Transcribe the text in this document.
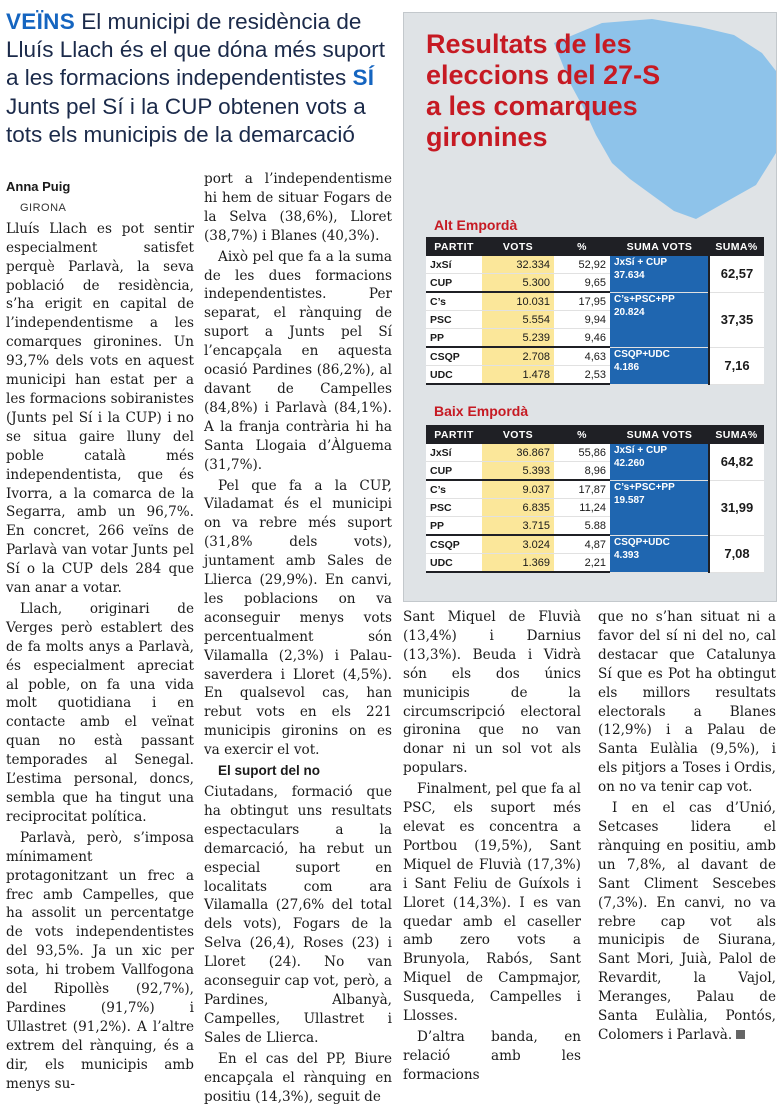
VEÏNS El municipi de residència de Lluís Llach és el que dóna més suport a les formacions independentistes SÍ Junts pel Sí i la CUP obtenen vots a tots els municipis de la demarcació

Anna Puig

GIRONA

Lluís Llach es pot sentir especialment satisfet perquè Parlavà, la seva població de residència, s’ha erigit en capital de l’independentisme a les comarques gironines. Un 93,7% dels vots en aquest municipi han estat per a les formacions sobiranistes (Junts pel Sí i la CUP) i no se situa gaire lluny del poble català més independentista, que és Ivorra, a la comarca de la Segarra, amb un 96,7%. En concret, 266 veïns de Parlavà van votar Junts pel Sí o la CUP dels 284 que van anar a votar.

Llach, originari de Verges però establert des de fa molts anys a Parlavà, és especialment apreciat al poble, on fa una vida molt quotidiana i en contacte amb el veïnat quan no està passant temporades al Senegal. L’estima personal, doncs, sembla que ha tingut una reciprocitat política.

Parlavà, però, s’imposa mínimament protagonitzant un frec a frec amb Campelles, que ha assolit un percentatge de vots independentistes del 93,5%. Ja un xic per sota, hi trobem Vallfogona del Ripollès (92,7%), Pardines (91,7%) i Ullastret (91,2%). A l’altre extrem del rànquing, és a dir, els municipis amb menys su-

port a l’independentisme hi hem de situar Fogars de la Selva (38,6%), Lloret (38,7%) i Blanes (40,3%).

Això pel que fa a la suma de les dues formacions independentistes. Per separat, el rànquing de suport a Junts pel Sí l’encapçala en aquesta ocasió Pardines (86,2%), al davant de Campelles (84,8%) i Parlavà (84,1%). A la franja contrària hi ha Santa Llogaia d’Àlguema (31,7%).

Pel que fa a la CUP, Viladamat és el municipi on va rebre més suport (31,8% dels vots), juntament amb Sales de Llierca (29,9%). En canvi, les poblacions on va aconseguir menys vots percentualment són Vilamalla (2,3%) i Palau-saverdera i Lloret (4,5%). En qualsevol cas, han rebut vots en els 221 municipis gironins on es va exercir el vot.

El suport del no

Ciutadans, formació que ha obtingut uns resultats espectaculars a la demarcació, ha rebut un especial suport en localitats com ara Vilamalla (27,6% del total dels vots), Fogars de la Selva (26,4), Roses (23) i Lloret (24). No van aconseguir cap vot, però, a Pardines, Albanyà, Campelles, Ullastret i Sales de Llierca.

En el cas del PP, Biure encapçala el rànquing en positiu (14,3%), seguit de

Sant Miquel de Fluvià (13,4%) i Darnius (13,3%). Beuda i Vidrà són els dos únics municipis de la circumscripció electoral gironina que no van donar ni un sol vot als populars.

Finalment, pel que fa al PSC, els suport més elevat es concentra a Portbou (19,5%), Sant Miquel de Fluvià (17,3%) i Sant Feliu de Guíxols i Lloret (14,3%). I es van quedar amb el caseller amb zero vots a Brunyola, Rabós, Sant Miquel de Campmajor, Susqueda, Campelles i Llosses.

D’altra banda, en relació amb les formacions

que no s’han situat ni a favor del sí ni del no, cal destacar que Catalunya Sí que es Pot ha obtingut els millors resultats electorals a Blanes (12,9%) i a Palau de Santa Eulàlia (9,5%), i els pitjors a Toses i Ordis, on no va tenir cap vot.

I en el cas d’Unió, Setcases lidera el rànquing en positiu, amb un 7,8%, al davant de Sant Climent Sescebes (7,3%). En canvi, no va rebre cap vot als municipis de Siurana, Sant Mori, Juià, Palol de Revardit, la Vajol, Meranges, Palau de Santa Eulàlia, Pontós, Colomers i Parlavà.

Resultats de les eleccions del 27-S a les comarques gironines
Alt Empordà
PARTIT	VOTS	%	SUMA VOTS	SUMA%
JxSí	32.334	52,92	JxSí + CUP
37.634	62,57
CUP	5.300	9,65		
C’s	10.031	17,95	C’s+PSC+PP
20.824	37,35
PSC	5.554	9,94		
PP	5.239	9,46		
CSQP	2.708	4,63	CSQP+UDC
4.186	7,16
UDC	1.478	2,53		
Baix Empordà
PARTIT	VOTS	%	SUMA VOTS	SUMA%
JxSí	36.867	55,86	JxSí + CUP
42.260	64,82
CUP	5.393	8,96		
C’s	9.037	17,87	C’s+PSC+PP
19.587	31,99
PSC	6.835	11,24		
PP	3.715	5.88		
CSQP	3.024	4,87	CSQP+UDC
4.393	7,08
UDC	1.369	2,21		
